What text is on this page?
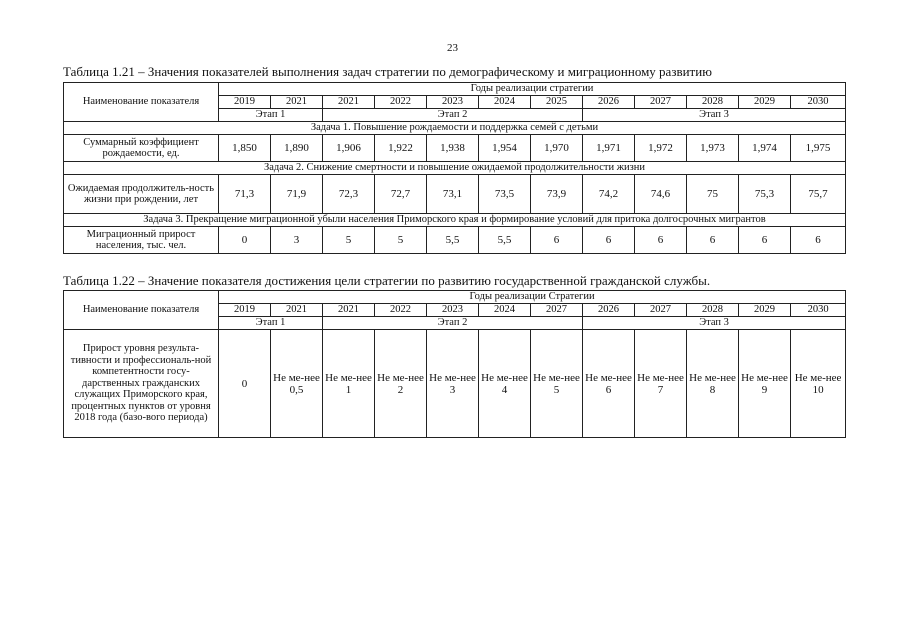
23
Таблица 1.21 – Значения показателей выполнения задач стратегии по демографическому и миграционному развитию
Наименование показателя	Годы реализации стратегии											
	2019	2021	2021	2022	2023	2024	2025	2026	2027	2028	2029	2030
	Этап 1		Этап 2					Этап 3				
Задача 1. Повышение рождаемости и поддержка семей с детьми												
Суммарный коэффициент рождаемости, ед.	1,850	1,890	1,906	1,922	1,938	1,954	1,970	1,971	1,972	1,973	1,974	1,975
Задача 2. Снижение смертности и повышение ожидаемой продолжительности жизни												
Ожидаемая продолжитель-ность жизни при рождении, лет	71,3	71,9	72,3	72,7	73,1	73,5	73,9	74,2	74,6	75	75,3	75,7
Задача 3. Прекращение миграционной убыли населения Приморского края и формирование условий для притока долгосрочных мигрантов												
Миграционный прирост населения, тыс. чел.	0	3	5	5	5,5	5,5	6	6	6	6	6	6
Таблица 1.22 – Значение показателя достижения цели стратегии по развитию государственной гражданской службы.
Наименование показателя	Годы реализации Стратегии											
	2019	2021	2021	2022	2023	2024	2027	2026	2027	2028	2029	2030
	Этап 1		Этап 2					Этап 3				
Прирост уровня результа-тивности и профессиональ-ной компетентности госу-дарственных гражданских служащих Приморского края, процентных пунктов от уровня 2018 года (базо-вого периода)	0	Не ме-нее 0,5	Не ме-нее 1	Не ме-нее 2	Не ме-нее 3	Не ме-нее 4	Не ме-нее 5	Не ме-нее 6	Не ме-нее 7	Не ме-нее 8	Не ме-нее 9	Не ме-нее 10
